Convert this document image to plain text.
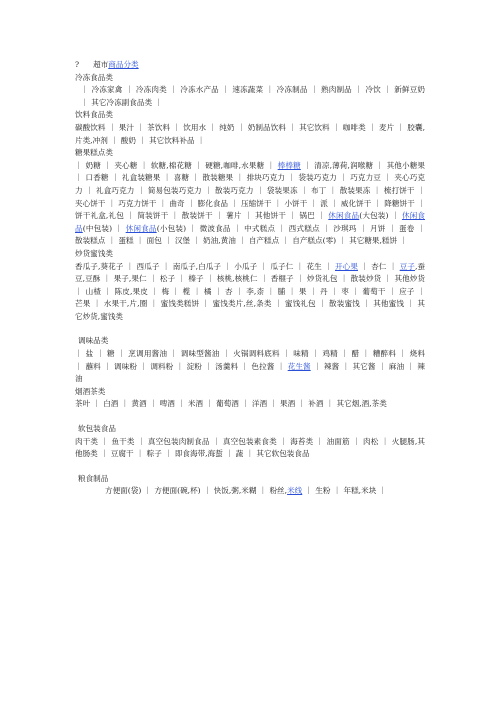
? 超市商品分类
冷冻食品类
｜ 冷冻家禽 ｜ 冷冻肉类 ｜ 冷冻水产品 ｜ 速冻蔬菜 ｜ 冷冻制品 ｜ 熟肉制品 ｜ 冷饮 ｜ 新鲜豆奶 ｜ 其它冷冻副食品类 ｜
饮料食品类
碳酸饮料 ｜ 果汁 ｜ 茶饮料 ｜ 饮用水 ｜ 纯奶 ｜ 奶制品饮料 ｜ 其它饮料 ｜ 咖啡类 ｜ 麦片 ｜ 胶囊,片类,冲剂 ｜ 酸奶 ｜ 其它饮料补品 ｜
糖果糕点类
｜ 奶糖 ｜ 夹心糖 ｜ 软糖,棉花糖 ｜ 硬糖,咖啡,水果糖 ｜ 棒棒糖 ｜ 清凉,薄荷,润喉糖 ｜ 其他小糖果 ｜ 口香糖 ｜ 礼盒装糖果 ｜ 喜糖 ｜ 散装糖果 ｜ 排块巧克力 ｜ 袋装巧克力 ｜ 巧克力豆 ｜ 夹心巧克力 ｜ 礼盒巧克力 ｜ 简易包装巧克力 ｜ 散装巧克力 ｜ 袋装果冻 ｜ 布丁 ｜ 散装果冻 ｜ 梳打饼干 ｜ 夹心饼干 ｜ 巧克力饼干 ｜ 曲奇 ｜ 膨化食品 ｜ 压缩饼干 ｜ 小饼干 ｜ 派 ｜ 威化饼干 ｜ 降糖饼干 ｜ 饼干礼盒,礼包 ｜ 简装饼干 ｜ 散装饼干 ｜ 薯片 ｜ 其他饼干 ｜ 锅巴 ｜ 休闲食品(大包装) ｜ 休闲食品(中包装) ｜ 休闲食品(小包装) ｜ 微波食品 ｜ 中式糕点 ｜ 西式糕点 ｜ 沙琪玛 ｜ 月饼 ｜ 蛋卷 ｜ 散装糕点 ｜ 蛋糕 ｜ 面包 ｜ 汉堡 ｜ 奶油,黄油 ｜ 自产糕点 ｜ 自产糕点(零) ｜ 其它糖果,糕饼 ｜
炒货蜜饯类
香瓜子,葵花子 ｜ 西瓜子 ｜ 南瓜子,白瓜子 ｜ 小瓜子 ｜ 瓜子仁 ｜ 花生 ｜ 开心果 ｜ 杏仁 ｜ 豆子,蚕豆,豆酥 ｜ 果子,果仁 ｜ 松子 ｜ 榛子 ｜ 核桃,核桃仁 ｜ 香榧子 ｜ 炒货礼包 ｜ 散装炒货 ｜ 其他炒货 ｜ 山楂 ｜ 陈皮,果皮 ｜ 梅 ｜ 榄 ｜ 橘 ｜ 杏 ｜ 李,柰 ｜ 脯 ｜ 果 ｜ 丹 ｜ 枣 ｜ 葡萄干 ｜ 应子 ｜ 芒果 ｜ 水果干,片,圈 ｜ 蜜饯类糕饼 ｜ 蜜饯类片,丝,条类 ｜ 蜜饯礼包 ｜ 散装蜜饯 ｜ 其他蜜饯 ｜ 其它炒货,蜜饯类
调味品类
｜ 盐 ｜ 糖 ｜ 烹调用酱油 ｜ 调味型酱油 ｜ 火锅调料底料 ｜ 味精 ｜ 鸡精 ｜ 醋 ｜ 糟醉料 ｜ 烧料 ｜ 蘸料 ｜ 调味粉 ｜ 调料粉 ｜ 淀粉 ｜ 汤羹料 ｜ 色拉酱 ｜ 花生酱 ｜ 辣酱 ｜ 其它酱 ｜ 麻油 ｜ 辣油
烟酒茶类
茶叶 ｜ 白酒 ｜ 黄酒 ｜ 啤酒 ｜ 米酒 ｜ 葡萄酒 ｜ 洋酒 ｜ 果酒 ｜ 补酒 ｜ 其它烟,酒,茶类
软包装食品
肉干类 ｜ 鱼干类 ｜ 真空包装肉制食品 ｜ 真空包装素食类 ｜ 海苔类 ｜ 油面筋 ｜ 肉松 ｜ 火腿肠,其他肠类 ｜ 豆腐干 ｜ 粽子 ｜ 即食海带,海蜇 ｜ 蔬 ｜ 其它软包装食品
粮食制品
方便面(袋) ｜ 方便面(碗,杯) ｜ 快饭,粥,米糊 ｜ 粉丝,米线 ｜ 生粉 ｜ 年糕,米块 ｜
